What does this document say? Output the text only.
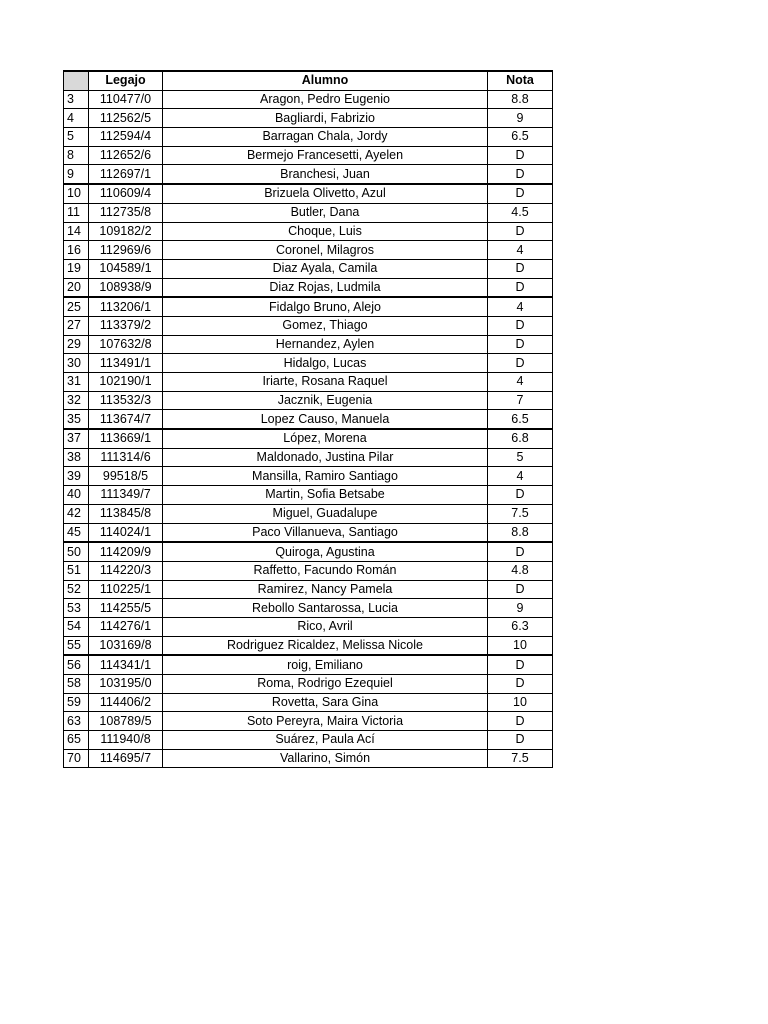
	Legajo	Alumno	Nota
3	110477/0	Aragon, Pedro Eugenio	8.8
4	112562/5	Bagliardi, Fabrizio	9
5	112594/4	Barragan Chala, Jordy	6.5
8	112652/6	Bermejo Francesetti, Ayelen	D
9	112697/1	Branchesi, Juan	D
10	110609/4	Brizuela Olivetto, Azul	D
11	112735/8	Butler, Dana	4.5
14	109182/2	Choque, Luis	D
16	112969/6	Coronel, Milagros	4
19	104589/1	Diaz Ayala, Camila	D
20	108938/9	Diaz Rojas, Ludmila	D
25	113206/1	Fidalgo Bruno, Alejo	4
27	113379/2	Gomez, Thiago	D
29	107632/8	Hernandez, Aylen	D
30	113491/1	Hidalgo, Lucas	D
31	102190/1	Iriarte, Rosana Raquel	4
32	113532/3	Jacznik, Eugenia	7
35	113674/7	Lopez Causo, Manuela	6.5
37	113669/1	López, Morena	6.8
38	111314/6	Maldonado, Justina Pilar	5
39	99518/5	Mansilla, Ramiro Santiago	4
40	111349/7	Martin, Sofia Betsabe	D
42	113845/8	Miguel, Guadalupe	7.5
45	114024/1	Paco Villanueva, Santiago	8.8
50	114209/9	Quiroga, Agustina	D
51	114220/3	Raffetto, Facundo Román	4.8
52	110225/1	Ramirez, Nancy Pamela	D
53	114255/5	Rebollo Santarossa, Lucia	9
54	114276/1	Rico, Avril	6.3
55	103169/8	Rodriguez Ricaldez, Melissa Nicole	10
56	114341/1	roig, Emiliano	D
58	103195/0	Roma, Rodrigo Ezequiel	D
59	114406/2	Rovetta, Sara Gina	10
63	108789/5	Soto Pereyra, Maira Victoria	D
65	111940/8	Suárez, Paula Ací	D
70	114695/7	Vallarino, Simón	7.5
